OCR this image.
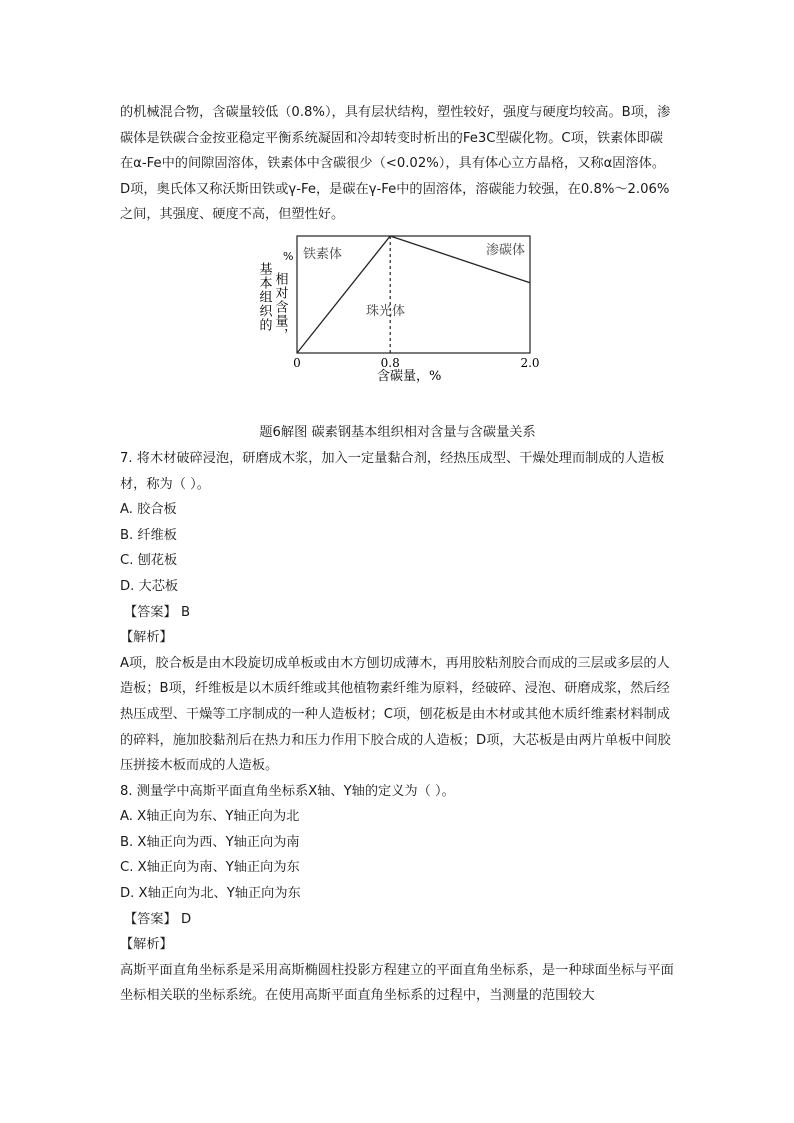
的机械混合物，含碳量较低（0.8%），具有层状结构，塑性较好，强度与硬度均较高。B项，渗碳体是铁碳合金按亚稳定平衡系统凝固和冷却转变时析出的Fe3C型碳化物。C项，铁素体即碳在α-Fe中的间隙固溶体，铁素体中含碳很少（<0.02%），具有体心立方晶格，又称α固溶体。D项，奥氏体又称沃斯田铁或γ-Fe，是碳在γ-Fe中的固溶体，溶碳能力较强，在0.8%～2.06%之间，其强度、硬度不高，但塑性好。

基本组织的 相对含量，
% 铁素体	渗碳体
珠光体
0	0.8	2.0
含碳量，%

题6解图 碳素钢基本组织相对含量与含碳量关系

7. 将木材破碎浸泡，研磨成木浆，加入一定量黏合剂，经热压成型、干燥处理而制成的人造板材，称为（ ）。

A. 胶合板

B. 纤维板

C. 刨花板

D. 大芯板

【答案】 B

【解析】

A项，胶合板是由木段旋切成单板或由木方刨切成薄木，再用胶粘剂胶合而成的三层或多层的人造板；B项，纤维板是以木质纤维或其他植物素纤维为原料，经破碎、浸泡、研磨成浆，然后经热压成型、干燥等工序制成的一种人造板材；C项，刨花板是由木材或其他木质纤维素材料制成的碎料，施加胶黏剂后在热力和压力作用下胶合成的人造板；D项，大芯板是由两片单板中间胶压拼接木板而成的人造板。

8. 测量学中高斯平面直角坐标系X轴、Y轴的定义为（ ）。

A. X轴正向为东、Y轴正向为北

B. X轴正向为西、Y轴正向为南

C. X轴正向为南、Y轴正向为东

D. X轴正向为北、Y轴正向为东

【答案】 D

【解析】

高斯平面直角坐标系是采用高斯椭圆柱投影方程建立的平面直角坐标系，是一种球面坐标与平面坐标相关联的坐标系统。在使用高斯平面直角坐标系的过程中，当测量的范围较大
